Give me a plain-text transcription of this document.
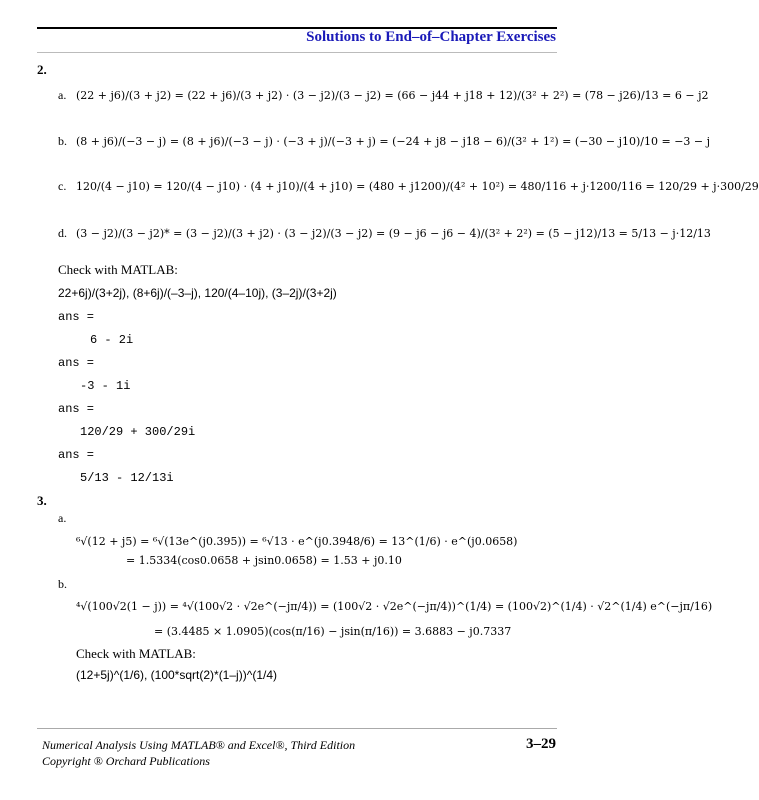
Solutions to End–of–Chapter Exercises
2.
a. (22 + j6)/(3 + j2) = (22 + j6)/(3 + j2) · (3 − j2)/(3 − j2) = (66 − j44 + j18 + 12)/(3² + 2²) = (78 − j26)/13 = 6 − j2
b. (8 + j6)/(−3 − j) = (8 + j6)/(−3 − j) · (−3 + j)/(−3 + j) = (−24 + j8 − j18 − 6)/(3² + 1²) = (−30 − j10)/10 = −3 − j
c. 120/(4 − j10) = 120/(4 − j10) · (4 + j10)/(4 + j10) = (480 + j1200)/(4² + 10²) = 480/116 + j·1200/116 = 120/29 + j·300/29
d. (3 − j2)/(3 − j2)* = (3 − j2)/(3 + j2) · (3 − j2)/(3 − j2) = (9 − j6 − j6 − 4)/(3² + 2²) = (5 − j12)/13 = 5/13 − j·12/13
Check with MATLAB:
22+6j)/(3+2j), (8+6j)/(–3–j), 120/(4–10j), (3–2j)/(3+2j)
ans =
6 - 2i
ans =
-3 - 1i
ans =
120/29 + 300/29i
ans =
5/13 - 12/13i
3.
a.
⁶√(12 + j5) = ⁶√(13e^(j0.395)) = ⁶√13 · e^(j0.3948/6) = 13^(1/6) · e^(j0.0658)
= 1.5334(cos0.0658 + jsin0.0658) = 1.53 + j0.10
b.
⁴√(100√2(1 − j)) = ⁴√(100√2 · √2e^(−jπ/4)) = (100√2 · √2e^(−jπ/4))^(1/4) = (100√2)^(1/4) · √2^(1/4) e^(−jπ/16)
= (3.4485 × 1.0905)(cos(π/16) − jsin(π/16)) = 3.6883 − j0.7337
Check with MATLAB:
(12+5j)^(1/6), (100*sqrt(2)*(1–j))^(1/4)
Numerical Analysis Using MATLAB® and Excel®, Third Edition
Copyright ® Orchard Publications
3–29
